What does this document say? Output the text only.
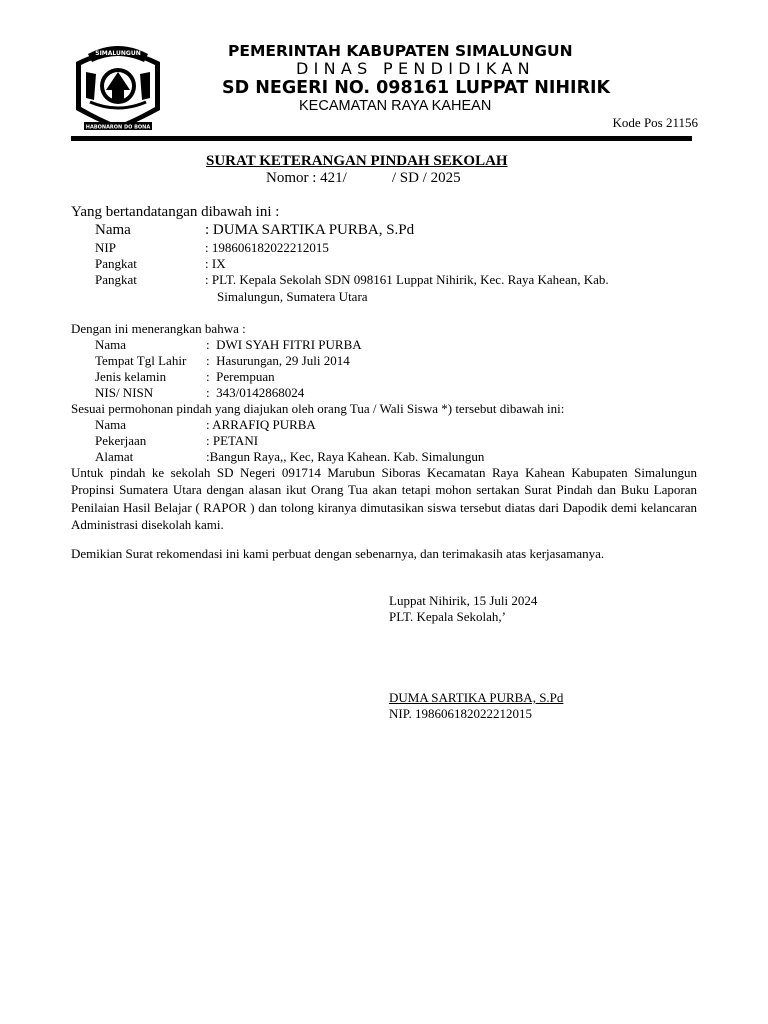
SIMALUNGUN
HABONARON DO BONA
PEMERINTAH KABUPATEN SIMALUNGUN
DINAS PENDIDIKAN
SD NEGERI NO. 098161 LUPPAT NIHIRIK
KECAMATAN RAYA KAHEAN
Kode Pos 21156
SURAT KETERANGAN PINDAH SEKOLAH
Nomor : 421/            / SD / 2025
Yang bertandatangan dibawah ini :
Nama	: DUMA SARTIKA PURBA, S.Pd
NIP	: 198606182022212015
Pangkat	: IX
Pangkat	: PLT. Kepala Sekolah SDN 098161 Luppat Nihirik, Kec. Raya Kahean, Kab.
Simalungun, Sumatera Utara
Dengan ini menerangkan bahwa :
Nama	:  DWI SYAH FITRI PURBA
Tempat Tgl Lahir :  Hasurungan, 29 Juli 2014
Jenis kelamin	:  Perempuan
NIS/ NISN	:  343/0142868024
Sesuai permohonan pindah yang diajukan oleh orang Tua / Wali Siswa *) tersebut dibawah ini:
Nama	: ARRAFIQ PURBA
Pekerjaan	: PETANI
Alamat	:Bangun Raya,, Kec, Raya Kahean. Kab. Simalungun
Untuk pindah ke sekolah SD Negeri 091714 Marubun Siboras Kecamatan Raya Kahean Kabupaten Simalungun Propinsi Sumatera Utara dengan alasan ikut Orang Tua akan tetapi mohon sertakan Surat Pindah dan Buku Laporan Penilaian Hasil Belajar ( RAPOR ) dan tolong kiranya dimutasikan siswa tersebut diatas dari Dapodik demi kelancaran Administrasi disekolah kami.
Demikian Surat rekomendasi ini kami perbuat dengan sebenarnya, dan terimakasih atas kerjasamanya.
Luppat Nihirik, 15 Juli 2024
PLT. Kepala Sekolah,’
DUMA SARTIKA PURBA, S.Pd
NIP. 198606182022212015
